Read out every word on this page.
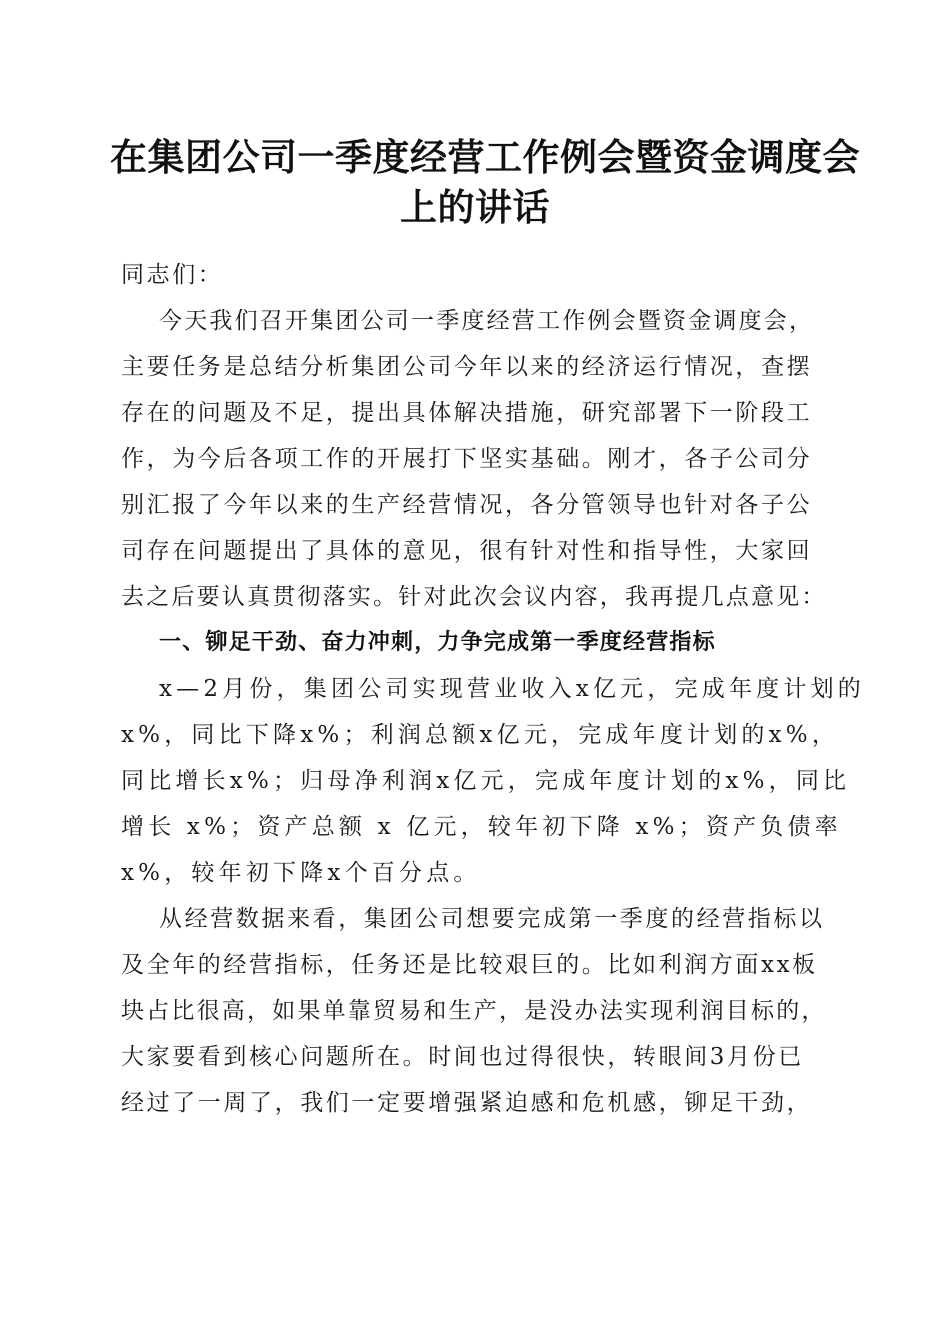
在集团公司一季度经营工作例会暨资金调度会
上的讲话
同志们：
今天我们召开集团公司一季度经营工作例会暨资金调度会，
主要任务是总结分析集团公司今年以来的经济运行情况，查摆
存在的问题及不足，提出具体解决措施，研究部署下一阶段工
作，为今后各项工作的开展打下坚实基础。刚才，各子公司分
别汇报了今年以来的生产经营情况，各分管领导也针对各子公
司存在问题提出了具体的意见，很有针对性和指导性，大家回
去之后要认真贯彻落实。针对此次会议内容，我再提几点意见：
一、铆足干劲、奋力冲刺，力争完成第一季度经营指标
x—2月份，集团公司实现营业收入x亿元，完成年度计划的
x%，同比下降x%；利润总额x亿元，完成年度计划的x%，
同比增长x%；归母净利润x亿元，完成年度计划的x%，同比
增长 x%；资产总额 x 亿元，较年初下降 x%；资产负债率
x%，较年初下降x个百分点。
从经营数据来看，集团公司想要完成第一季度的经营指标以
及全年的经营指标，任务还是比较艰巨的。比如利润方面xx板
块占比很高，如果单靠贸易和生产，是没办法实现利润目标的，
大家要看到核心问题所在。时间也过得很快，转眼间3月份已
经过了一周了，我们一定要增强紧迫感和危机感，铆足干劲，
